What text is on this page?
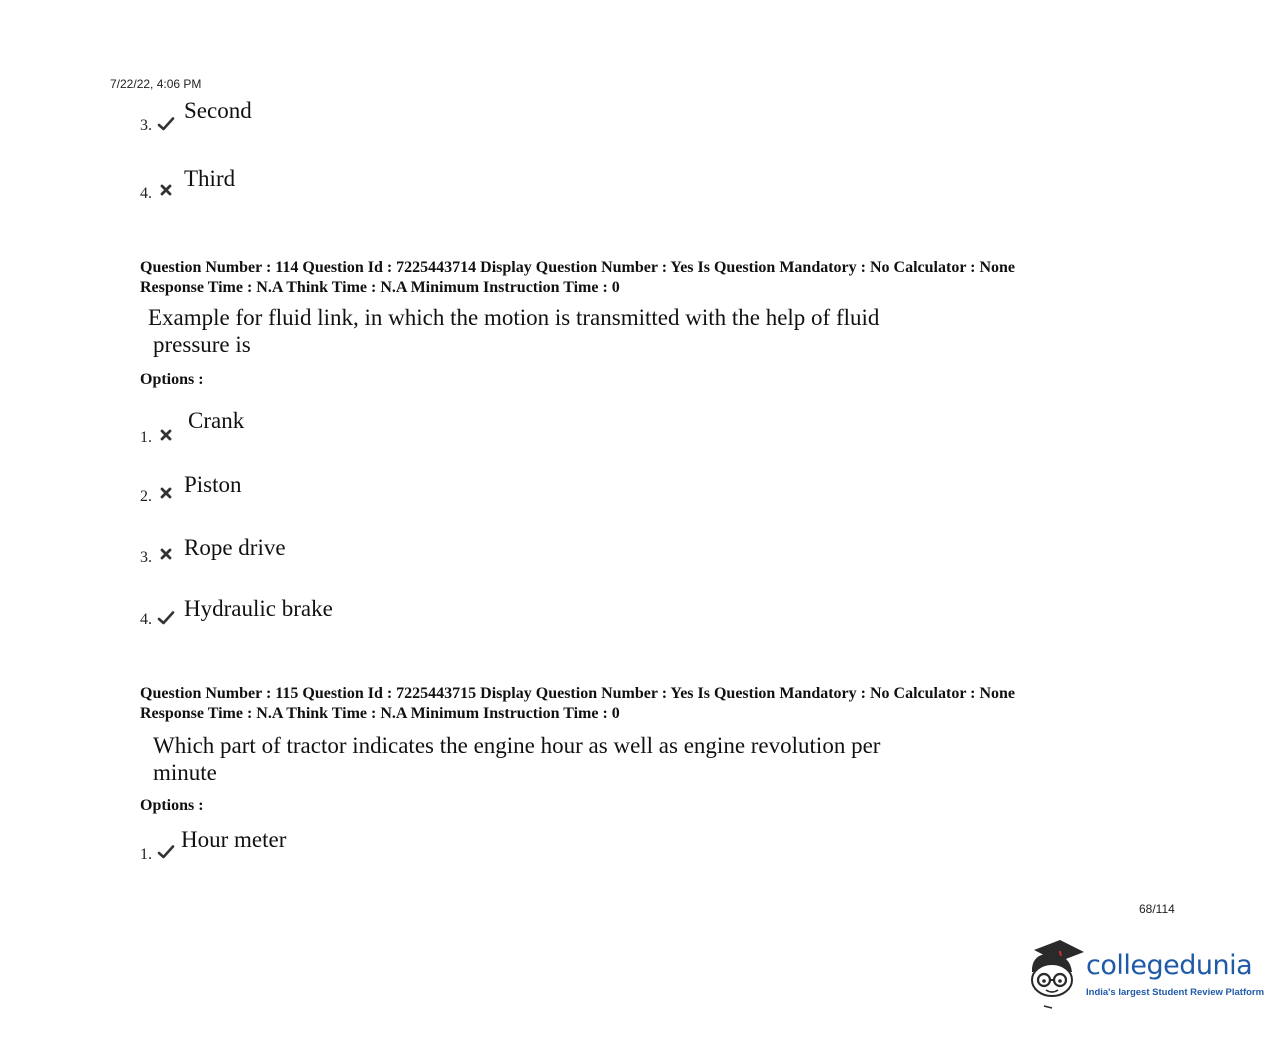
7/22/22, 4:06 PM
3.
Second
4.
Third
Question Number : 114 Question Id : 7225443714 Display Question Number : Yes Is Question Mandatory : No Calculator : None
Response Time : N.A Think Time : N.A Minimum Instruction Time : 0
Example for fluid link, in which the motion is transmitted with the help of fluid
pressure is
Options :
1.
Crank
2. Piston
3. Rope drive
4. Hydraulic brake
Question Number : 115 Question Id : 7225443715 Display Question Number : Yes Is Question Mandatory : No Calculator : None
Response Time : N.A Think Time : N.A Minimum Instruction Time : 0
Which part of tractor indicates the engine hour as well as engine revolution per
minute
Options :
1.
Hour meter
68/114
collegedunia
India's largest Student Review Platform
